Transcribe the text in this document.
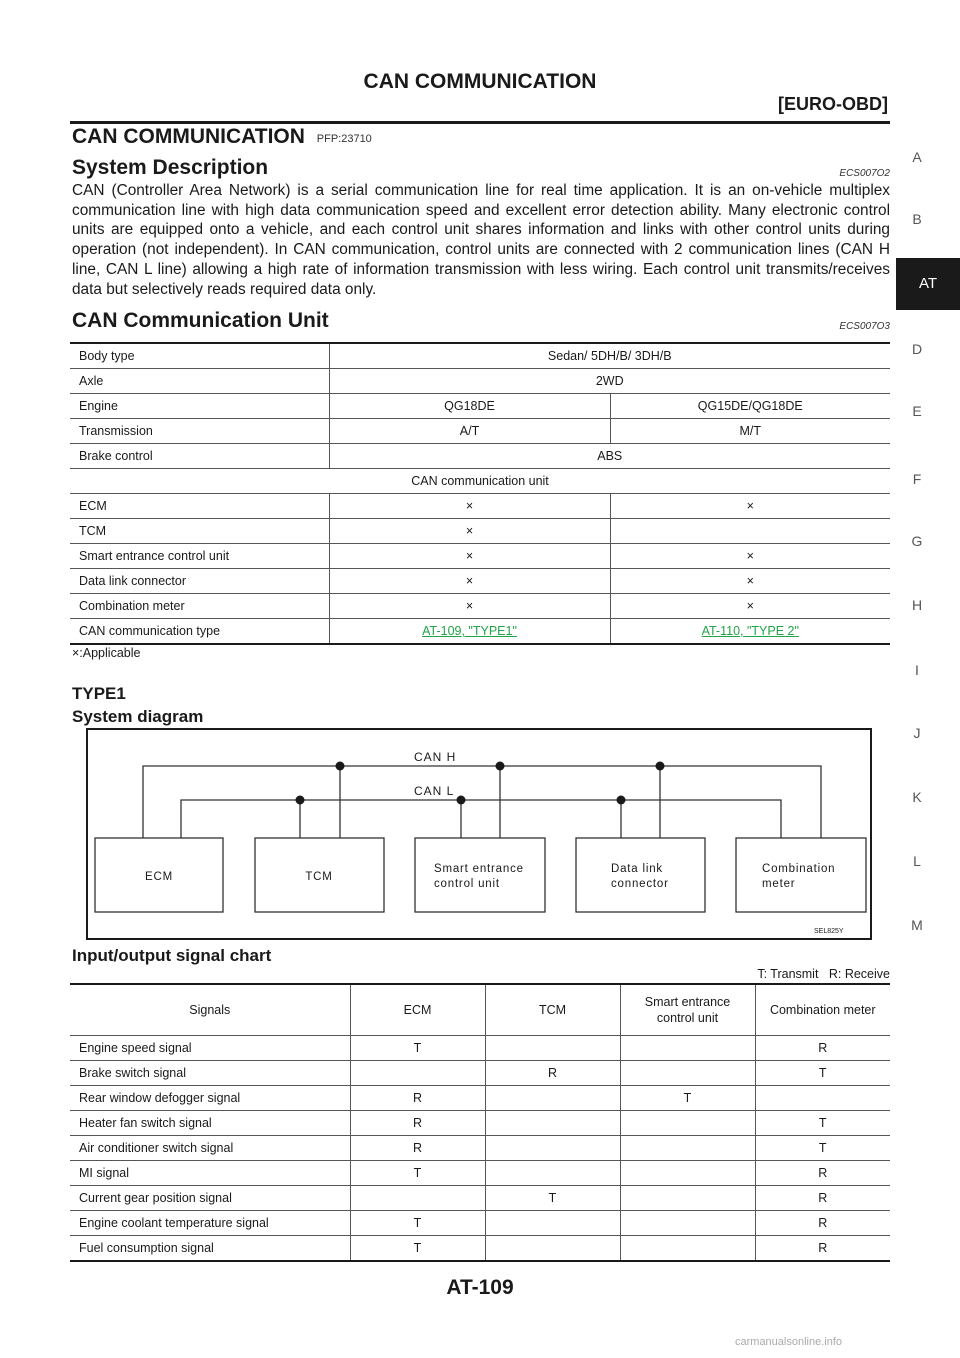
CAN COMMUNICATION
[EURO-OBD]
A
B
AT
D
E
F
G
H
I
J
K
L
M
CAN COMMUNICATION PFP:23710
System Description	ECS007O2
CAN (Controller Area Network) is a serial communication line for real time application. It is an on-vehicle multiplex communication line with high data communication speed and excellent error detection ability. Many electronic control units are equipped onto a vehicle, and each control unit shares information and links with other control units during operation (not independent). In CAN communication, control units are connected with 2 communication lines (CAN H line, CAN L line) allowing a high rate of information transmission with less wiring. Each control unit transmits/receives data but selectively reads required data only.
CAN Communication Unit	ECS007O3
Body type	Sedan/ 5DH/B/ 3DH/B	
Axle	2WD	
Engine	QG18DE	QG15DE/QG18DE
Transmission	A/T	M/T
Brake control	ABS	
CAN communication unit		
ECM	×	×
TCM	×	
Smart entrance control unit	×	×
Data link connector	×	×
Combination meter	×	×
CAN communication type	AT-109, "TYPE1"	AT-110, "TYPE 2"
×:Applicable
TYPE1
System diagram
CAN H
CAN L
ECM	TCM
Smart entrance
control unit
Data link
connector
Combination
meter
SEL825Y
Input/output signal chart
T: Transmit   R: Receive
Signals	ECM	TCM	Smart entrance control unit	Combination meter
Engine speed signal	T			R
Brake switch signal		R		T
Rear window defogger signal	R		T	
Heater fan switch signal	R			T
Air conditioner switch signal	R			T
MI signal	T			R
Current gear position signal		T		R
Engine coolant temperature signal	T			R
Fuel consumption signal	T			R
AT-109
carmanualsonline.info
